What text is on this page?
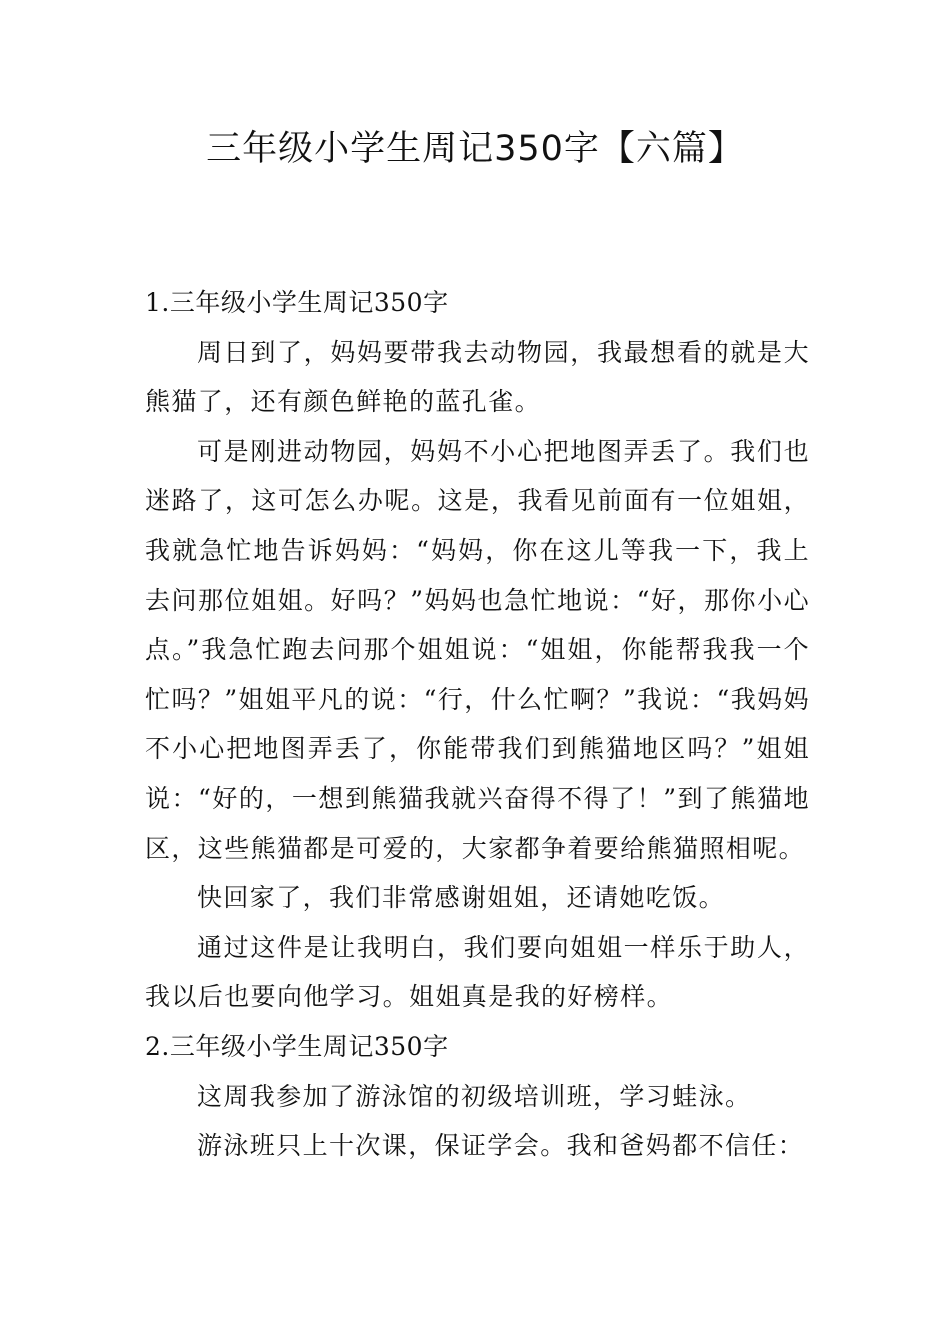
三年级小学生周记350字【六篇】

1.三年级小学生周记350字

周日到了，妈妈要带我去动物园，我最想看的就是大熊猫了，还有颜色鲜艳的蓝孔雀。

可是刚进动物园，妈妈不小心把地图弄丢了。我们也迷路了，这可怎么办呢。这是，我看见前面有一位姐姐，我就急忙地告诉妈妈：“妈妈，你在这儿等我一下，我上去问那位姐姐。好吗？”妈妈也急忙地说：“好，那你小心点。”我急忙跑去问那个姐姐说：“姐姐，你能帮我我一个忙吗？”姐姐平凡的说：“行，什么忙啊？”我说：“我妈妈不小心把地图弄丢了，你能带我们到熊猫地区吗？”姐姐说：“好的，一想到熊猫我就兴奋得不得了！”到了熊猫地区，这些熊猫都是可爱的，大家都争着要给熊猫照相呢。

快回家了，我们非常感谢姐姐，还请她吃饭。

通过这件是让我明白，我们要向姐姐一样乐于助人，我以后也要向他学习。姐姐真是我的好榜样。

2.三年级小学生周记350字

这周我参加了游泳馆的初级培训班，学习蛙泳。

游泳班只上十次课，保证学会。我和爸妈都不信任：
